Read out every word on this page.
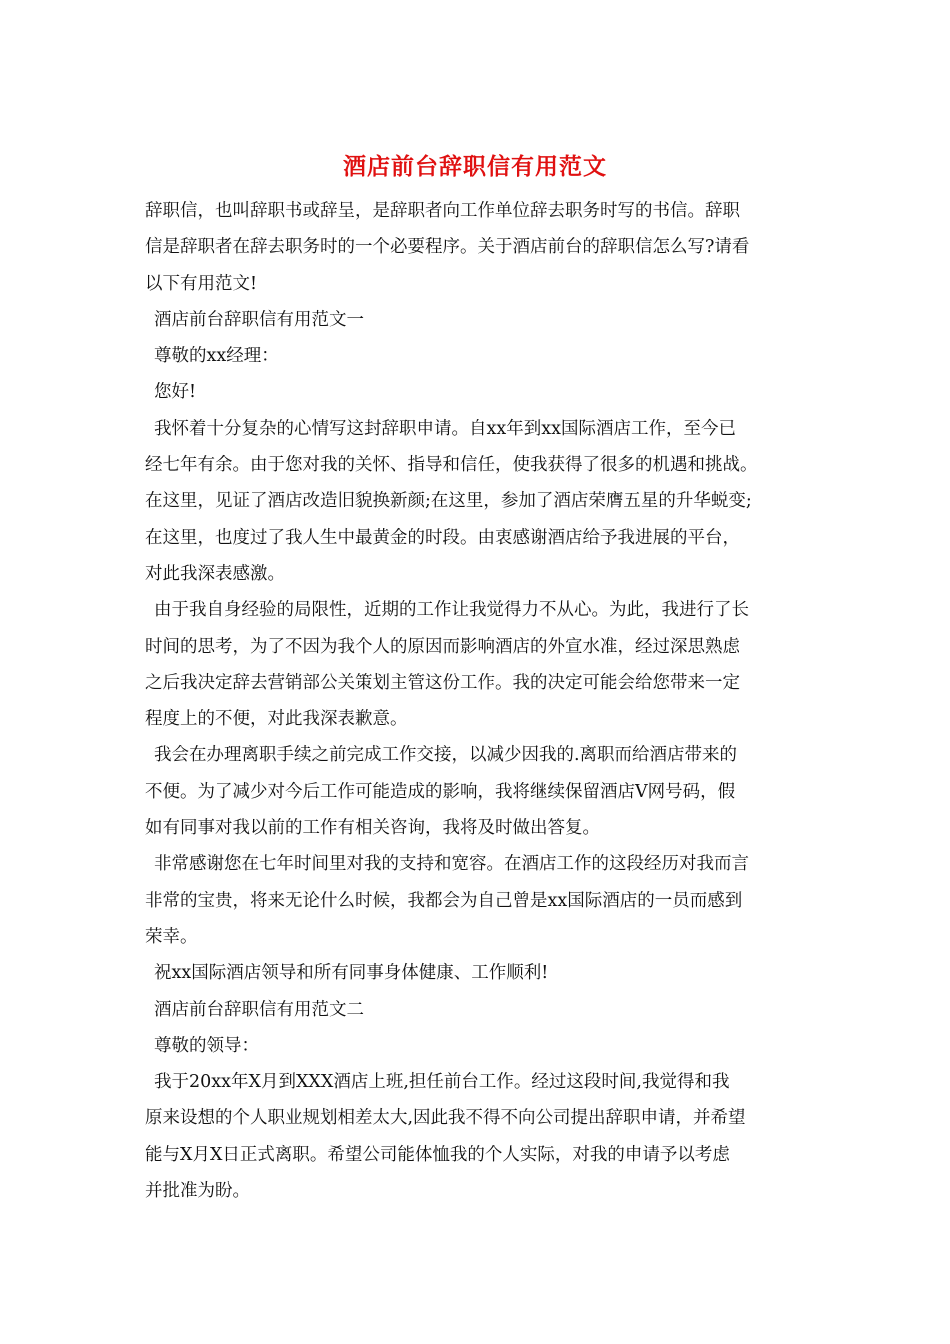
酒店前台辞职信有用范文
辞职信，也叫辞职书或辞呈，是辞职者向工作单位辞去职务时写的书信。辞职
信是辞职者在辞去职务时的一个必要程序。关于酒店前台的辞职信怎么写?请看
以下有用范文!
酒店前台辞职信有用范文一
尊敬的xx经理：
您好!
我怀着十分复杂的心情写这封辞职申请。自xx年到xx国际酒店工作，至今已
经七年有余。由于您对我的关怀、指导和信任，使我获得了很多的机遇和挑战。
在这里，见证了酒店改造旧貌换新颜;在这里，参加了酒店荣膺五星的升华蜕变;
在这里，也度过了我人生中最黄金的时段。由衷感谢酒店给予我进展的平台，
对此我深表感激。
由于我自身经验的局限性，近期的工作让我觉得力不从心。为此，我进行了长
时间的思考，为了不因为我个人的原因而影响酒店的外宣水准，经过深思熟虑
之后我决定辞去营销部公关策划主管这份工作。我的决定可能会给您带来一定
程度上的不便，对此我深表歉意。
我会在办理离职手续之前完成工作交接，以减少因我的.离职而给酒店带来的
不便。为了减少对今后工作可能造成的影响，我将继续保留酒店V网号码，假
如有同事对我以前的工作有相关咨询，我将及时做出答复。
非常感谢您在七年时间里对我的支持和宽容。在酒店工作的这段经历对我而言
非常的宝贵，将来无论什么时候，我都会为自己曾是xx国际酒店的一员而感到
荣幸。
祝xx国际酒店领导和所有同事身体健康、工作顺利!
酒店前台辞职信有用范文二
尊敬的领导：
我于20xx年X月到XXX酒店上班,担任前台工作。经过这段时间,我觉得和我
原来设想的个人职业规划相差太大,因此我不得不向公司提出辞职申请，并希望
能与X月X日正式离职。希望公司能体恤我的个人实际，对我的申请予以考虑
并批准为盼。
